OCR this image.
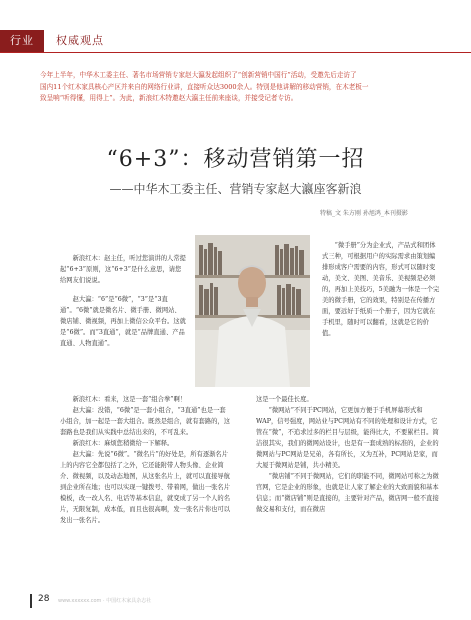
行业	权威观点

今年上半年，中华木工委主任、著名市场营销专家赵大瀛发起组织了“创新营销中国行”活动，受邀先后走访了

国内11个红木家具核心产区并来自的网络行业讲，直接听众达3000余人。特别是他讲解的移动营销，在木老板一

致呈响“听得懂，用得上”。为此，新浪红木特邀赵大瀛主任前来座谈，并接受记者专访。

“6+3”：移动营销第一招
——中华木工委主任、营销专家赵大瀛座客新浪
特稿_文 朱方刚 孙旭鸿_本刊摄影

新浪红木：赵主任，听过您演讲的人常提起“6+3”原则，这“6+3”是什么意思，请您给网友们说说。

赵大瀛：“6”是“6微”，“3”是“3直通”。“6微”就是微名片、微手册、微网站、微店铺、微视频，再加上微信公众平台。这就是“6微”。而“3直通”，就是“品牌直通、产品直通、人物直通”。

新浪红木：看来，这是一套“组合拳”啊！

赵大瀛：没错，“6微”是一套小组合，“3直通”也是一套小组合，加一起是一套大组合。既然是组合，就有套路的，这套路也是我们从实践中总结出来的，不可乱来。

新浪红木：麻烦您稍微给一下解释。

赵大瀛：先说“6微”。“微名片”的好处是，所有逐渐名片上的内容它全都包括了之外，它还能附带人物头像、企业简介、微视频，以及动态地图，从这张名片上，就可以直接导航到企业所在地；也可以实现一键拨号、带着网，做出一张名片模板，改一改人名、电话等基本信息，就变成了另一个人的名片，无限复制，成本低，而且也很高啊，发一张名片你也可以发出一张名片。

“微手册”分为企业式，产品式和团体式三种，可根据用户的实际需求由策划编排形成客户需要的内容，形式可以随时变动，美文、美图、美音乐、美视频是必须的，再加上美技巧，5美融为一体是一个完美的微手册，它的效果，特别是在传播方面，要远好于纸质一个册子，因为它就在手机里，随时可以翻看，这就是它的价值。

这是一个最佳长度。

“微网站”不同于PC网站，它更加方便于手机屏幕形式和WAP，信号强度，网站业与PC网站有不同的处理和设计方式，它管在“微”，不追求过多的栏目与层级，能得比大，不要累栏目。简洁很其实，我们的微网站设计，也是有一套成熟的标准的，企业的微网站与PC网站是兄弟，各有所长，又为互补，PC网站是家，而大厦于微网站是铺，共小精美。

“微店铺”不同于微网站，它们的职能不同，微网站可称之为微官网，它是企业的形象，也就是让人家了解企业的大致面貌和基本信息；而“微店铺”则是直接的，主要针对产品，微店网一般不直接做交易和支付，而在微店

28 www.xxxxxx.com · 中国红木家具杂志社
